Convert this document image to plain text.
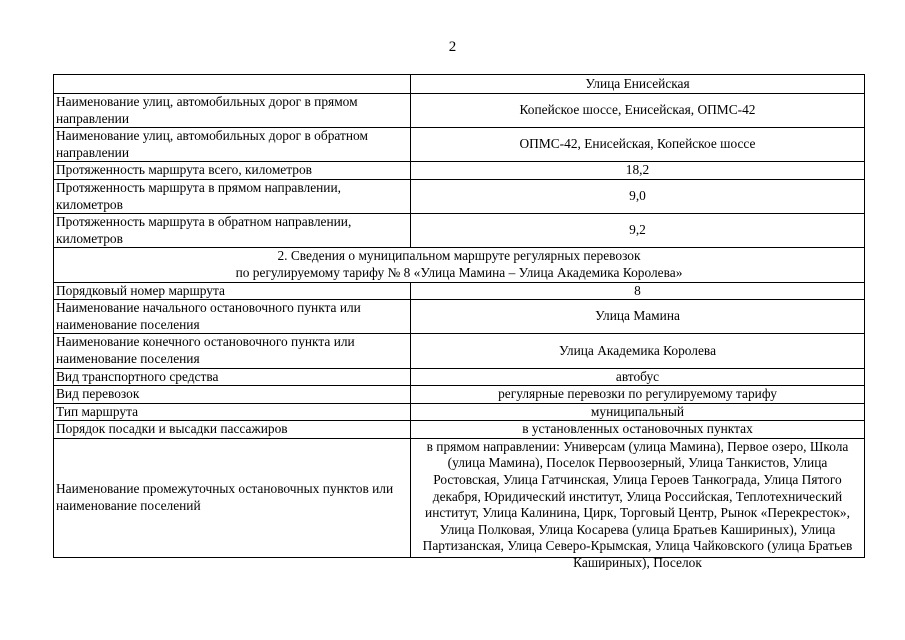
2
	Улица Енисейская
Наименование улиц, автомобильных дорог в прямом направлении	Копейское шоссе, Енисейская, ОПМС-42
Наименование улиц, автомобильных дорог в обратном направлении	ОПМС-42, Енисейская, Копейское шоссе
Протяженность маршрута всего, километров	18,2
Протяженность маршрута в прямом направлении, километров	9,0
Протяженность маршрута в обратном направлении, километров	9,2

2. Сведения о муниципальном маршруте регулярных перевозок
по регулируемому тарифу № 8 «Улица Мамина – Улица Академика Королева»	

Порядковый номер маршрута	8
Наименование начального остановочного пункта или наименование поселения	Улица Мамина
Наименование конечного остановочного пункта или наименование поселения	Улица Академика Королева
Вид транспортного средства	автобус
Вид перевозок	регулярные перевозки по регулируемому тарифу
Тип маршрута	муниципальный
Порядок посадки и высадки пассажиров	в установленных остановочных пунктах
Наименование промежуточных остановочных пунктов или наименование поселений	в прямом направлении: Универсам (улица Мамина), Первое озеро, Школа (улица Мамина), Поселок Первоозерный, Улица Танкистов, Улица Ростовская, Улица Гатчинская, Улица Героев Танкограда, Улица Пятого декабря, Юридический институт, Улица Российская, Теплотехнический институт, Улица Калинина, Цирк, Торговый Центр, Рынок «Перекресток», Улица Полковая, Улица Косарева (улица Братьев Кашириных), Улица Партизанская, Улица Северо-Крымская, Улица Чайковского (улица Братьев Кашириных), Поселок
